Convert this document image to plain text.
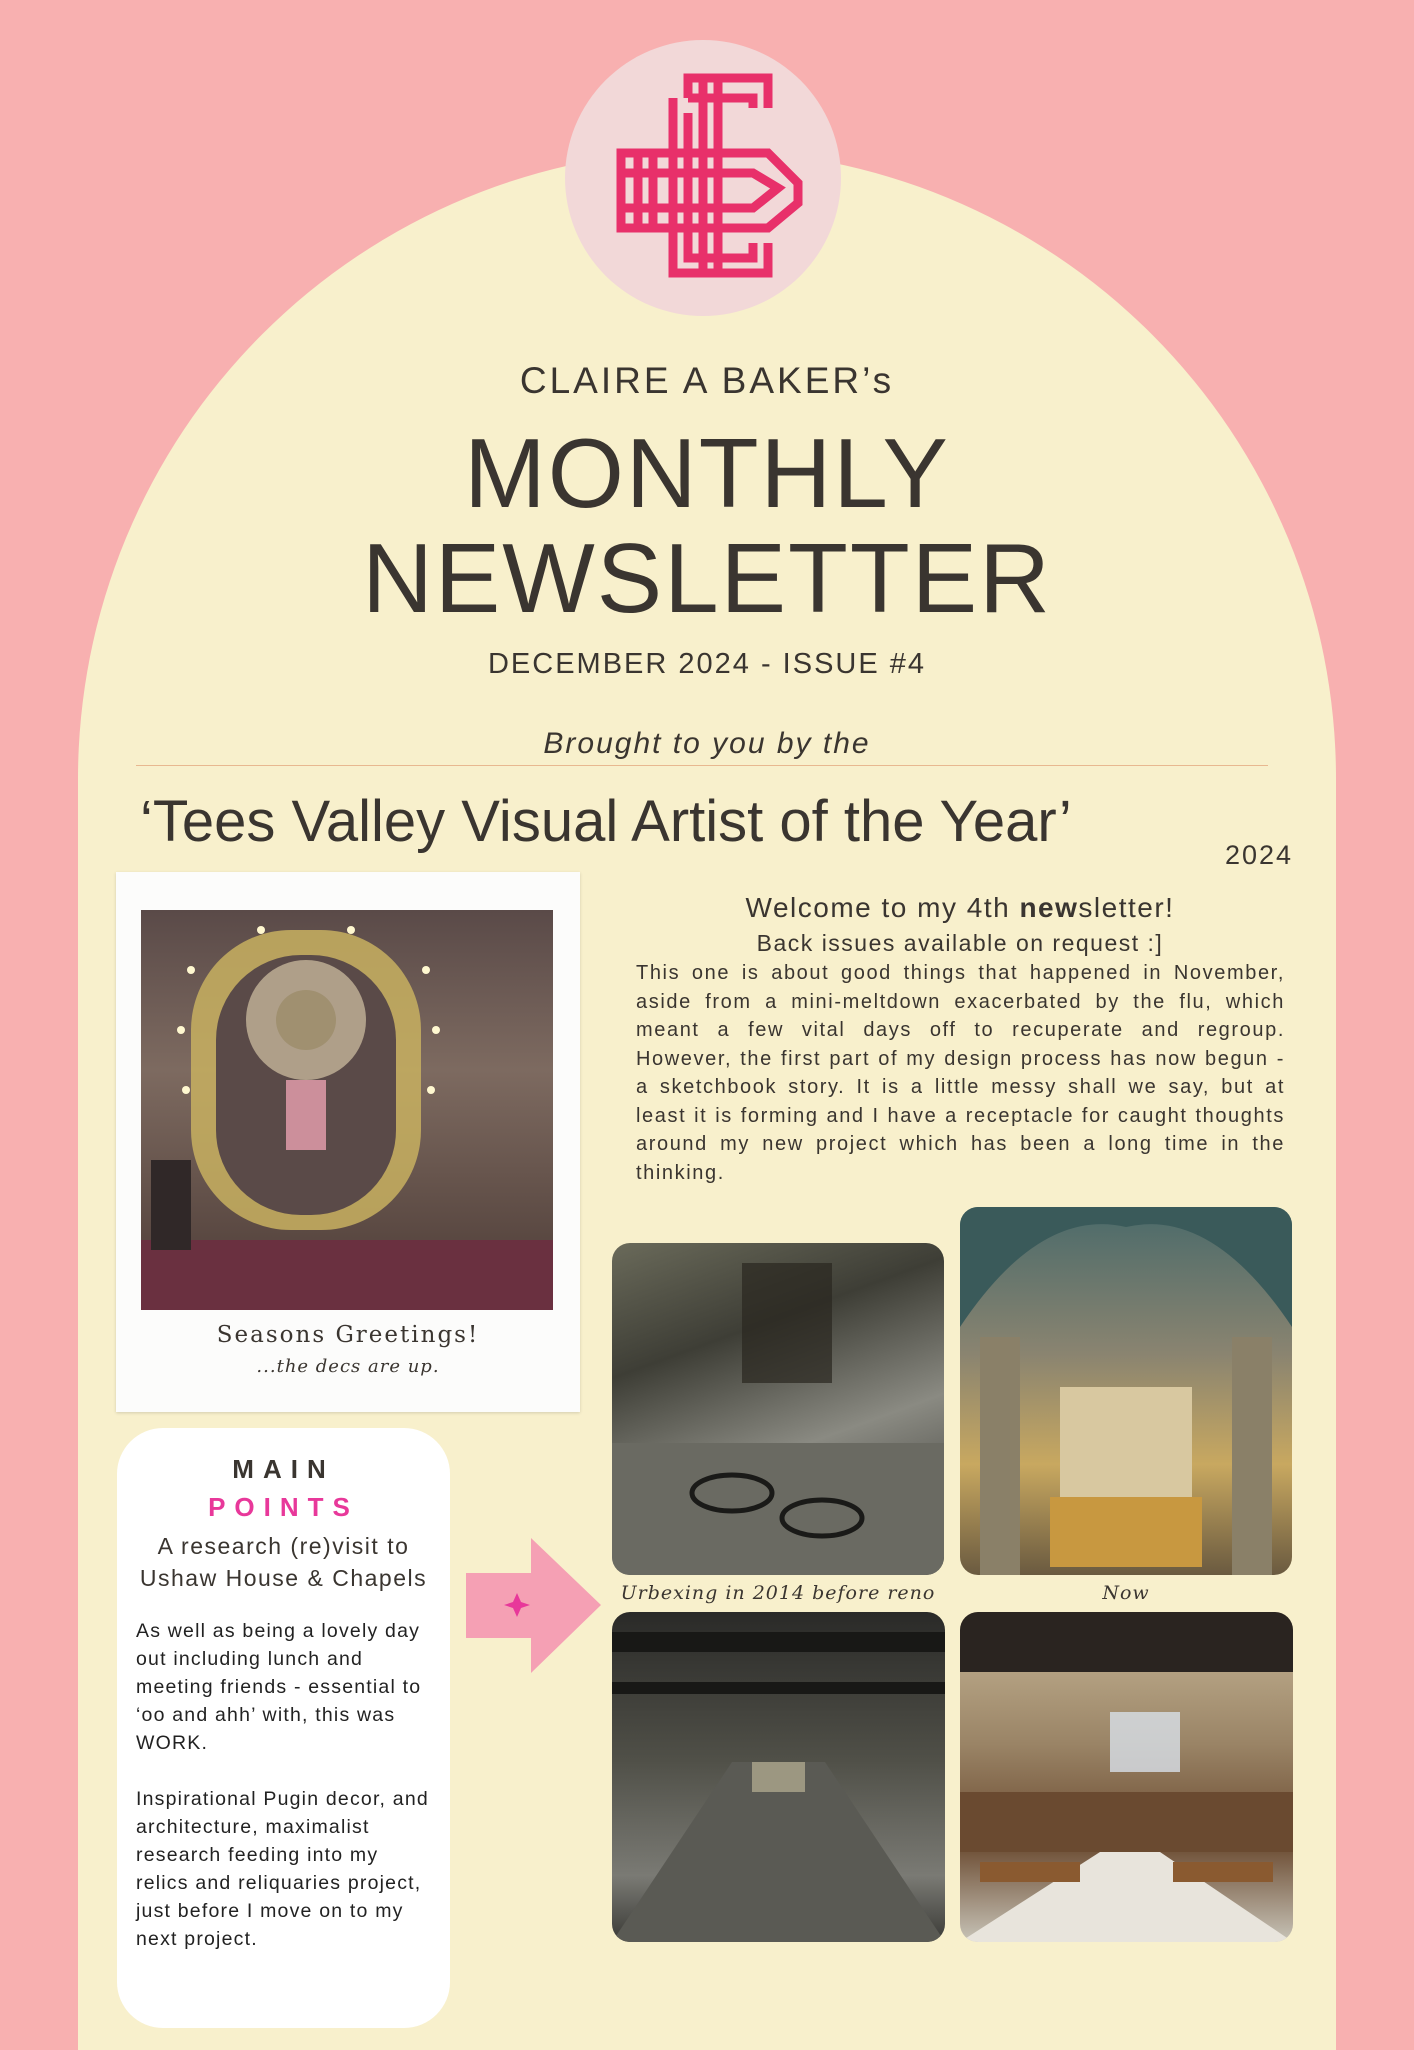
CLAIRE A BAKER’s
MONTHLY
NEWSLETTER
DECEMBER 2024 - ISSUE #4
Brought to you by the
‘Tees Valley Visual Artist of the Year’
2024
Seasons Greetings!
...the decs are up.
Welcome to my 4th newsletter!
Back issues available on request :]
This one is about good things that happened in November, aside from a mini-meltdown exacerbated by the flu, which meant a few vital days off to recuperate and regroup. However, the first part of my design process has now begun - a sketchbook story. It is a little messy shall we say, but at least it is forming and I have a receptacle for caught thoughts around my new project which has been a long time in the thinking.
Urbexing in 2014 before reno	Now
MAIN
POINTS
A research (re)visit to
Ushaw House & Chapels
As well as being a lovely day out including lunch and meeting friends - essential to ‘oo and ahh’ with, this was WORK.
Inspirational Pugin decor, and architecture, maximalist research feeding into my relics and reliquaries project, just before I move on to my next project.
